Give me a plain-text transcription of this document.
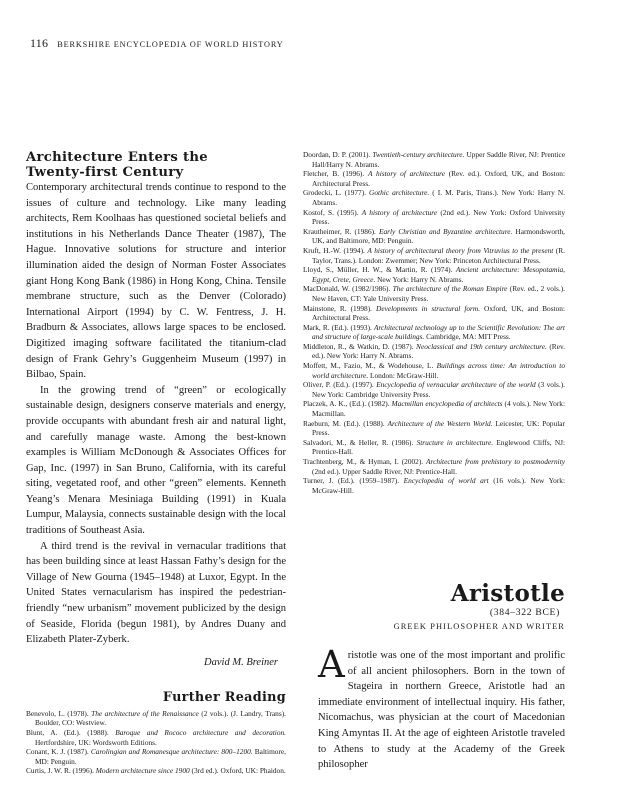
116 BERKSHIRE ENCYCLOPEDIA OF WORLD HISTORY
Architecture Enters the
Twenty-first Century

Contemporary architectural trends continue to respond to the issues of culture and technology. Like many leading architects, Rem Koolhaas has questioned societal beliefs and institutions in his Netherlands Dance Theater (1987), The Hague. Innovative solutions for structure and interior illumination aided the design of Norman Foster Associates giant Hong Kong Bank (1986) in Hong Kong, China. Tensile membrane structure, such as the Denver (Colorado) International Airport (1994) by C. W. Fentress, J. H. Bradburn & Associates, allows large spaces to be enclosed. Digitized imaging software facilitated the titanium-clad design of Frank Gehry’s Guggenheim Museum (1997) in Bilbao, Spain.

In the growing trend of “green” or ecologically sustainable design, designers conserve materials and energy, provide occupants with abundant fresh air and natural light, and carefully manage waste. Among the best-known examples is William McDonough & Associates Offices for Gap, Inc. (1997) in San Bruno, California, with its careful siting, vegetated roof, and other “green” elements. Kenneth Yeang’s Menara Mesiniaga Building (1991) in Kuala Lumpur, Malaysia, connects sustainable design with the local traditions of Southeast Asia.

A third trend is the revival in vernacular traditions that has been building since at least Hassan Fathy’s design for the Village of New Gourna (1945–1948) at Luxor, Egypt. In the United States vernacularism has inspired the pedestrian-friendly “new urbanism” movement publicized by the design of Seaside, Florida (begun 1981), by Andres Duany and Elizabeth Plater-Zyberk.

David M. Breiner
Further Reading

Benevolo, L. (1978). The architecture of the Renaissance (2 vols.). (J. Landry, Trans). Boulder, CO: Westview.

Blunt, A. (Ed.). (1988). Baroque and Rococo architecture and decoration. Hertfordshire, UK: Wordsworth Editions.

Conant, K. J. (1987). Carolingian and Romanesque architecture: 800–1200. Baltimore, MD: Penguin.

Curtis, J. W. R. (1996). Modern architecture since 1900 (3rd ed.). Oxford, UK: Phaidon.

Doordan, D. P. (2001). Twentieth-century architecture. Upper Saddle River, NJ: Prentice Hall/Harry N. Abrams.

Fletcher, B. (1996). A history of architecture (Rev. ed.). Oxford, UK, and Boston: Architectural Press.

Grodecki, L. (1977). Gothic architecture. ( I. M. Paris, Trans.). New York: Harry N. Abrams.

Kostof, S. (1995). A history of architecture (2nd ed.). New York: Oxford University Press.

Krautheimer, R. (1986). Early Christian and Byzantine architecture. Harmondsworth, UK, and Baltimore, MD: Penguin.

Kruft, H.-W. (1994). A history of architectural theory from Vitruvius to the present (R. Taylor, Trans.). London: Zwemmer; New York: Princeton Architectural Press.

Lloyd, S., Müller, H. W., & Martin, R. (1974). Ancient architecture: Mesopotamia, Egypt, Crete, Greece. New York: Harry N. Abrams.

MacDonald, W. (1982/1986). The architecture of the Roman Empire (Rev. ed., 2 vols.). New Haven, CT: Yale University Press.

Mainstone, R. (1998). Developments in structural form. Oxford, UK, and Boston: Architectural Press.

Mark, R. (Ed.). (1993). Architectural technology up to the Scientific Revolution: The art and structure of large-scale buildings. Cambridge, MA: MIT Press.

Middleton, R., & Watkin, D. (1987). Neoclassical and 19th century architecture. (Rev. ed.). New York: Harry N. Abrams.

Moffett, M., Fazio, M., & Wodehouse, L. Buildings across time: An introduction to world architecture. London: McGraw-Hill.

Oliver, P. (Ed.). (1997). Encyclopedia of vernacular architecture of the world (3 vols.). New York: Cambridge University Press.

Placzek, A. K., (Ed.). (1982). Macmillan encyclopedia of architects (4 vols.). New York: Macmillan.

Raeburn, M. (Ed.). (1988). Architecture of the Western World. Leicester, UK: Popular Press.

Salvadori, M., & Heller, R. (1986). Structure in architecture. Englewood Cliffs, NJ: Prentice-Hall.

Trachtenberg, M., & Hyman, I. (2002). Architecture from prehistory to postmodernity (2nd ed.). Upper Saddle River, NJ: Prentice-Hall.

Turner, J. (Ed.). (1959–1987). Encyclopedia of world art (16 vols.). New York: McGraw-Hill.

Aristotle
(384–322 BCE)
GREEK PHILOSOPHER AND WRITER
Aristotle was one of the most important and prolific of all ancient philosophers. Born in the town of Stageira in northern Greece, Aristotle had an immediate environment of intellectual inquiry. His father, Nicomachus, was physician at the court of Macedonian King Amyntas II. At the age of eighteen Aristotle traveled to Athens to study at the Academy of the Greek philosopher
